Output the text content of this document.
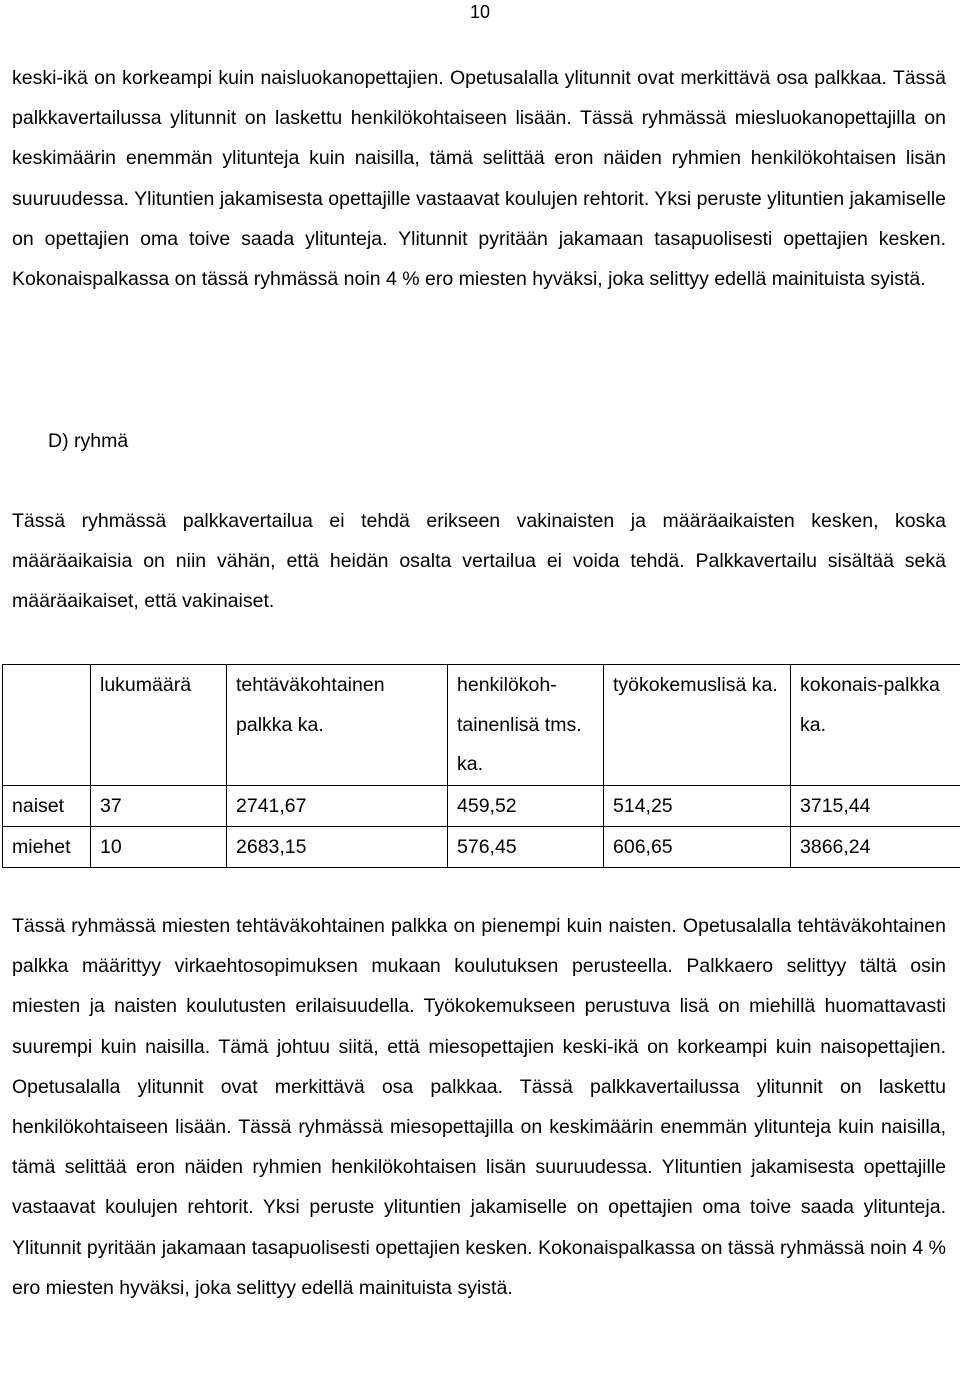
10

keski-ikä on korkeampi kuin naisluokanopettajien. Opetusalalla ylitunnit ovat merkittävä osa palkkaa. Tässä palkkavertailussa ylitunnit on laskettu henkilökohtaiseen lisään. Tässä ryhmässä miesluokanopettajilla on keskimäärin enemmän ylitunteja kuin naisilla, tämä selittää eron näiden ryhmien henkilökohtaisen lisän suuruudessa. Ylituntien jakamisesta opettajille vastaavat koulujen rehtorit. Yksi peruste ylituntien jakamiselle on opettajien oma toive saada ylitunteja. Ylitunnit pyritään jakamaan tasapuolisesti opettajien kesken. Kokonaispalkassa on tässä ryhmässä noin 4 % ero miesten hyväksi, joka selittyy edellä mainituista syistä.

D) ryhmä

Tässä ryhmässä palkkavertailua ei tehdä erikseen vakinaisten ja määräaikaisten kesken, koska määräaikaisia on niin vähän, että heidän osalta vertailua ei voida tehdä. Palkkavertailu sisältää sekä määräaikaiset, että vakinaiset.

	lukumäärä	tehtäväkohtainen palkka ka.	henkilökoh-tainenlisä tms. ka.	työkokemuslisä ka.	kokonais-palkka ka.
naiset	37	2741,67	459,52	514,25	3715,44
miehet	10	2683,15	576,45	606,65	3866,24

Tässä ryhmässä miesten tehtäväkohtainen palkka on pienempi kuin naisten. Opetusalalla tehtäväkohtainen palkka määrittyy virkaehtosopimuksen mukaan koulutuksen perusteella. Palkkaero selittyy tältä osin miesten ja naisten koulutusten erilaisuudella. Työkokemukseen perustuva lisä on miehillä huomattavasti suurempi kuin naisilla. Tämä johtuu siitä, että miesopettajien keski-ikä on korkeampi kuin naisopettajien. Opetusalalla ylitunnit ovat merkittävä osa palkkaa. Tässä palkkavertailussa ylitunnit on laskettu henkilökohtaiseen lisään. Tässä ryhmässä miesopettajilla on keskimäärin enemmän ylitunteja kuin naisilla, tämä selittää eron näiden ryhmien henkilökohtaisen lisän suuruudessa. Ylituntien jakamisesta opettajille vastaavat koulujen rehtorit. Yksi peruste ylituntien jakamiselle on opettajien oma toive saada ylitunteja. Ylitunnit pyritään jakamaan tasapuolisesti opettajien kesken. Kokonaispalkassa on tässä ryhmässä noin 4 % ero miesten hyväksi, joka selittyy edellä mainituista syistä.
